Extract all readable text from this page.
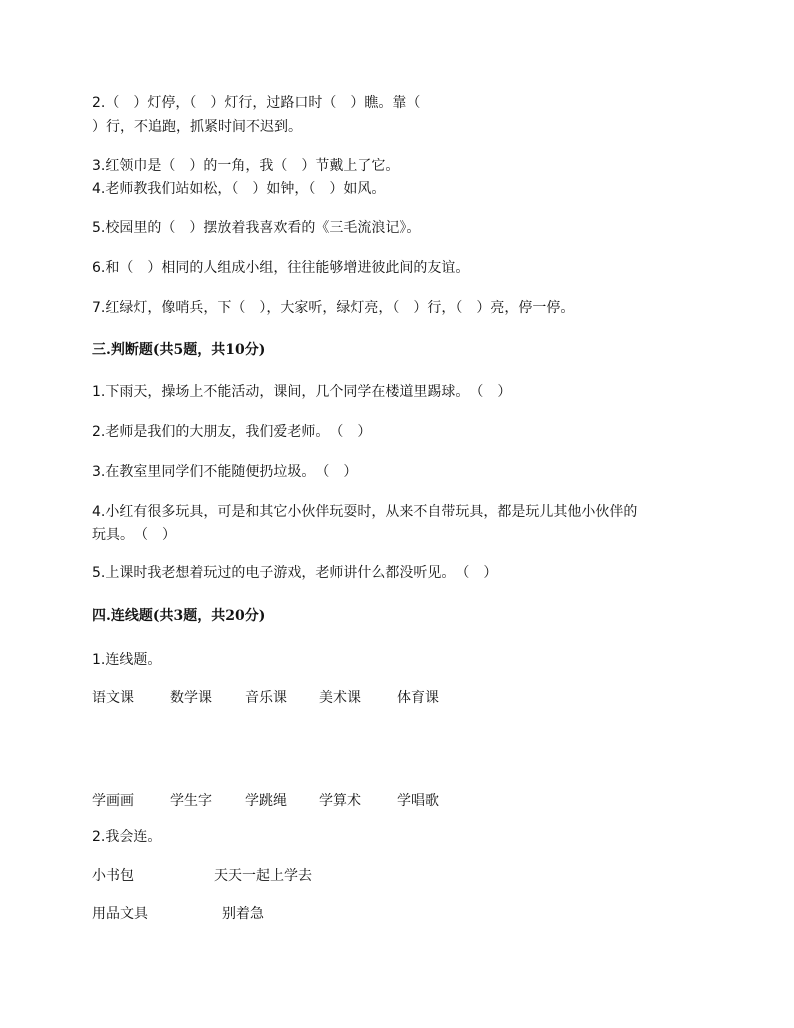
2.（　）灯停，（　）灯行，过路口时（　）瞧。靠（
）行，不追跑，抓紧时间不迟到。
3.红领巾是（　）的一角，我（　）节戴上了它。
4.老师教我们站如松，（　）如钟，（　）如风。
5.校园里的（　）摆放着我喜欢看的《三毛流浪记》。
6.和（　）相同的人组成小组，往往能够增进彼此间的友谊。
7.红绿灯，像哨兵，下（　），大家听，绿灯亮，（　）行，（　）亮，停一停。
三.判断题(共5题，共10分)
1.下雨天，操场上不能活动，课间，几个同学在楼道里踢球。　（　）
2.老师是我们的大朋友，我们爱老师。　（　）
3.在教室里同学们不能随便扔垃圾。　（　）
4.小红有很多玩具，可是和其它小伙伴玩耍时，从来不自带玩具，都是玩儿其他小伙伴的
玩具。　（　）
5.上课时我老想着玩过的电子游戏，老师讲什么都没听见。　（　）
四.连线题(共3题，共20分)
1.连线题。
语文课	数学课 音乐课 美术课	体育课
学画画	学生字 学跳绳 学算术	学唱歌
2.我会连。
小书包	天天一起上学去
用品文具	别着急
